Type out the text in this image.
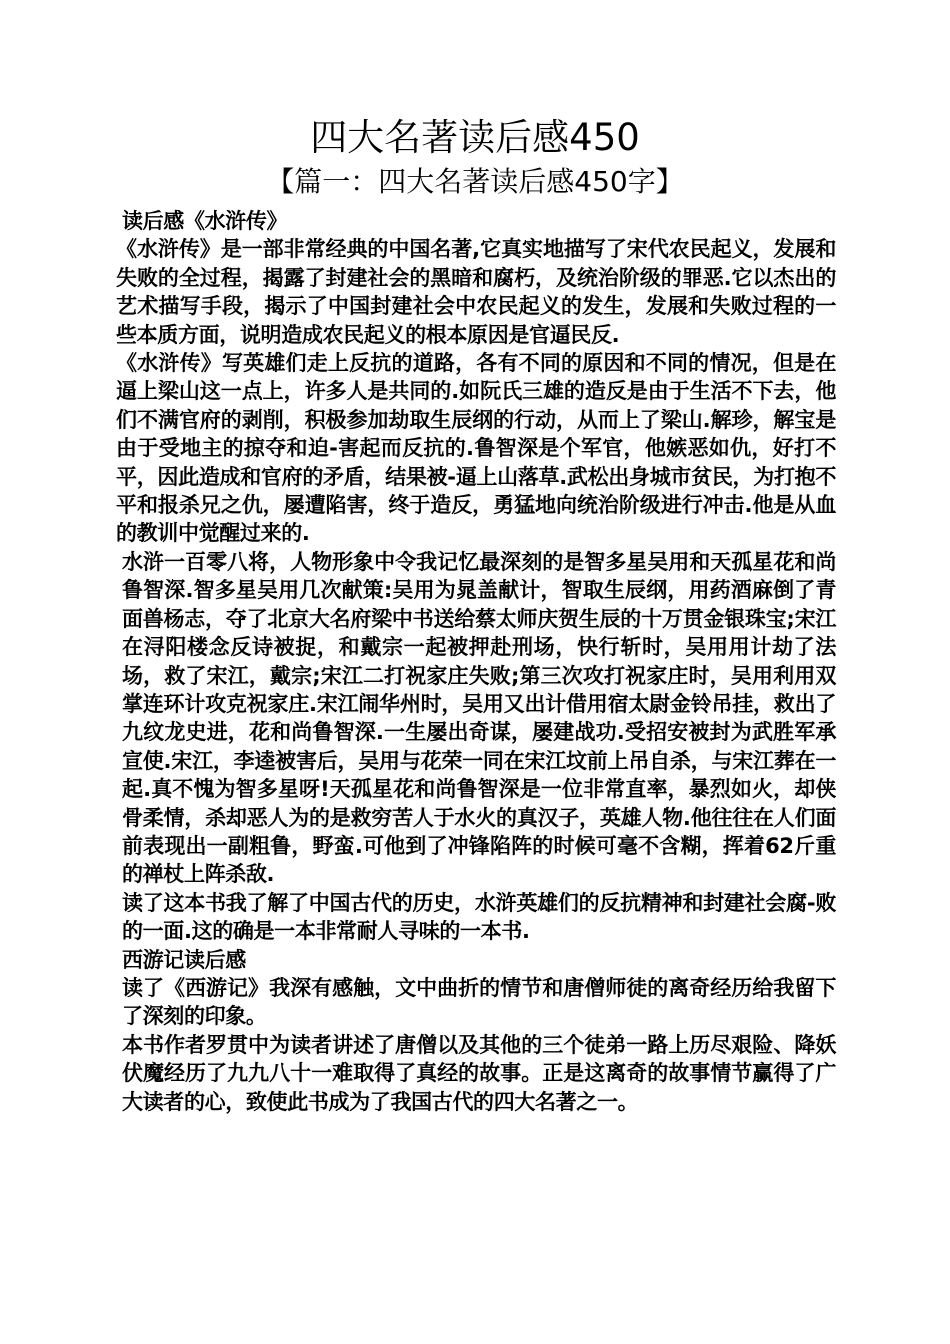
四大名著读后感450
【篇一：四大名著读后感450字】

读后感《水浒传》

《水浒传》是一部非常经典的中国名著,它真实地描写了宋代农民起义，发展和失败的全过程，揭露了封建社会的黑暗和腐朽，及统治阶级的罪恶.它以杰出的艺术描写手段，揭示了中国封建社会中农民起义的发生，发展和失败过程的一些本质方面，说明造成农民起义的根本原因是官逼民反.

《水浒传》写英雄们走上反抗的道路，各有不同的原因和不同的情况，但是在逼上梁山这一点上，许多人是共同的.如阮氏三雄的造反是由于生活不下去，他们不满官府的剥削，积极参加劫取生辰纲的行动，从而上了梁山.解珍，解宝是由于受地主的掠夺和迫-害起而反抗的.鲁智深是个军官，他嫉恶如仇，好打不平，因此造成和官府的矛盾，结果被-逼上山落草.武松出身城市贫民，为打抱不平和报杀兄之仇，屡遭陷害，终于造反，勇猛地向统治阶级进行冲击.他是从血的教训中觉醒过来的.

水浒一百零八将，人物形象中令我记忆最深刻的是智多星吴用和天孤星花和尚鲁智深.智多星吴用几次献策:吴用为晁盖献计，智取生辰纲，用药酒麻倒了青面兽杨志，夺了北京大名府梁中书送给蔡太师庆贺生辰的十万贯金银珠宝;宋江在浔阳楼念反诗被捉，和戴宗一起被押赴刑场，快行斩时，吴用用计劫了法场，救了宋江，戴宗;宋江二打祝家庄失败;第三次攻打祝家庄时，吴用利用双掌连环计攻克祝家庄.宋江闹华州时，吴用又出计借用宿太尉金铃吊挂，救出了九纹龙史进，花和尚鲁智深.一生屡出奇谋，屡建战功.受招安被封为武胜军承宣使.宋江，李逵被害后，吴用与花荣一同在宋江坟前上吊自杀，与宋江葬在一起.真不愧为智多星呀!天孤星花和尚鲁智深是一位非常直率，暴烈如火，却侠骨柔情，杀却恶人为的是救穷苦人于水火的真汉子，英雄人物.他往往在人们面前表现出一副粗鲁，野蛮.可他到了冲锋陷阵的时候可毫不含糊，挥着62斤重的禅杖上阵杀敌.

读了这本书我了解了中国古代的历史，水浒英雄们的反抗精神和封建社会腐-败的一面.这的确是一本非常耐人寻味的一本书.

西游记读后感

读了《西游记》我深有感触，文中曲折的情节和唐僧师徒的离奇经历给我留下了深刻的印象。

本书作者罗贯中为读者讲述了唐僧以及其他的三个徒弟一路上历尽艰险、降妖伏魔经历了九九八十一难取得了真经的故事。正是这离奇的故事情节赢得了广大读者的心，致使此书成为了我国古代的四大名著之一。
